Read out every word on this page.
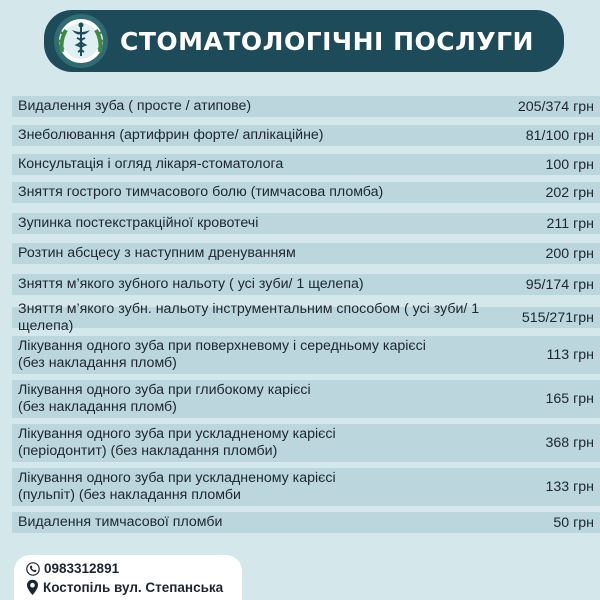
СТОМАТОЛОГІЧНІ ПОСЛУГИ
Видалення зуба ( просте / атипове)	205/374 грн
Знеболювання (артифрин форте/ аплікаційне)	81/100 грн
Консультація і огляд лікаря-стоматолога	100 грн
Зняття гострого тимчасового болю (тимчасова пломба)	202 грн
Зупинка постекстракційної кровотечі	211 грн
Розтин абсцесу з наступним дренуванням	200 грн
Зняття м’якого зубного нальоту ( усі зуби/ 1 щелепа)	95/174 грн
Зняття м’якого зубн. нальоту інструментальним способом ( усі зуби/ 1 щелепа)	515/271грн
Лікування одного зуба при поверхневому і середньому карієсі
(без накладання пломб)	113 грн
Лікування одного зуба при глибокому карієсі
(без накладання пломб)	165 грн
Лікування одного зуба при ускладненому карієсі
(періодонтит) (без накладання пломби)	368 грн
Лікування одного зуба при ускладненому карієсі
(пульпіт) (без накладання пломби	133 грн
Видалення тимчасової пломби	50 грн
0983312891
Костопіль вул. Степанська
